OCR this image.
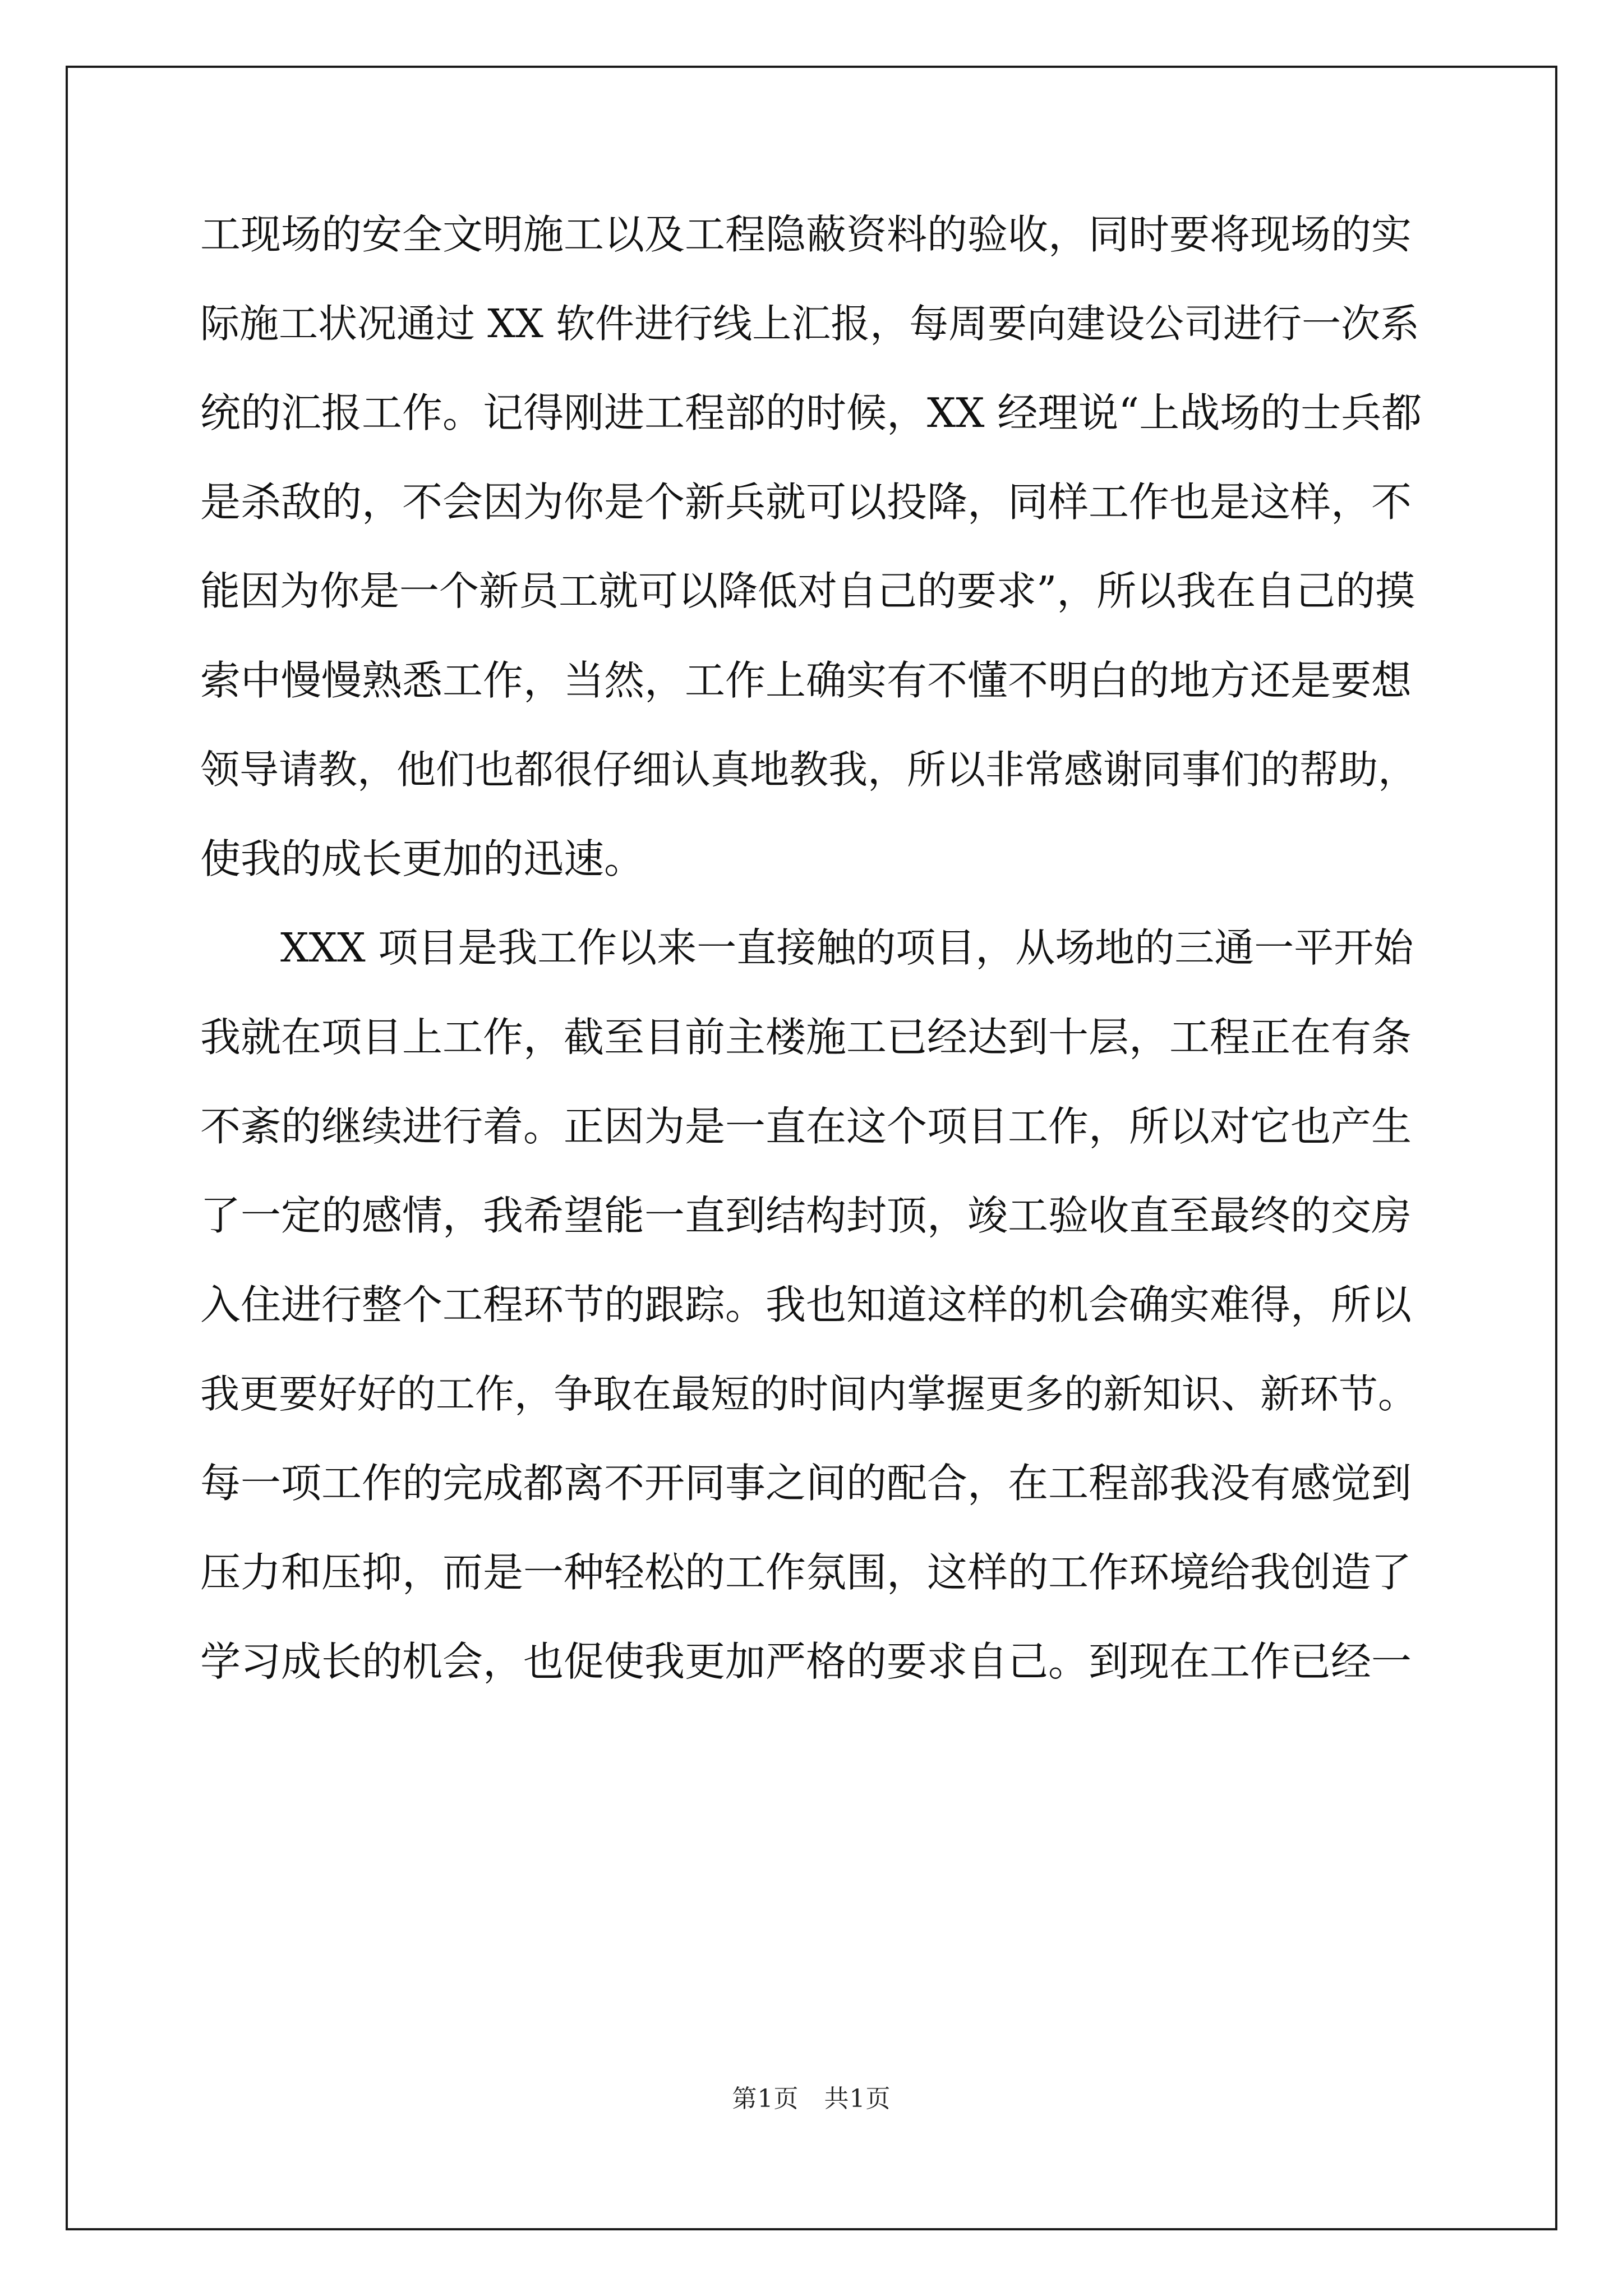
工现场的安全文明施工以及工程隐蔽资料的验收，同时要将现场的实
际施工状况通过 XX 软件进行线上汇报，每周要向建设公司进行一次系
统的汇报工作。记得刚进工程部的时候，XX 经理说“上战场的士兵都
是杀敌的，不会因为你是个新兵就可以投降，同样工作也是这样，不
能因为你是一个新员工就可以降低对自己的要求”，所以我在自己的摸
索中慢慢熟悉工作，当然，工作上确实有不懂不明白的地方还是要想
领导请教，他们也都很仔细认真地教我，所以非常感谢同事们的帮助，
使我的成长更加的迅速。
XXX 项目是我工作以来一直接触的项目，从场地的三通一平开始
我就在项目上工作，截至目前主楼施工已经达到十层，工程正在有条
不紊的继续进行着。正因为是一直在这个项目工作，所以对它也产生
了一定的感情，我希望能一直到结构封顶，竣工验收直至最终的交房
入住进行整个工程环节的跟踪。我也知道这样的机会确实难得，所以
我更要好好的工作，争取在最短的时间内掌握更多的新知识、新环节。
每一项工作的完成都离不开同事之间的配合，在工程部我没有感觉到
压力和压抑，而是一种轻松的工作氛围，这样的工作环境给我创造了
学习成长的机会，也促使我更加严格的要求自己。到现在工作已经一
第1页　共1页
